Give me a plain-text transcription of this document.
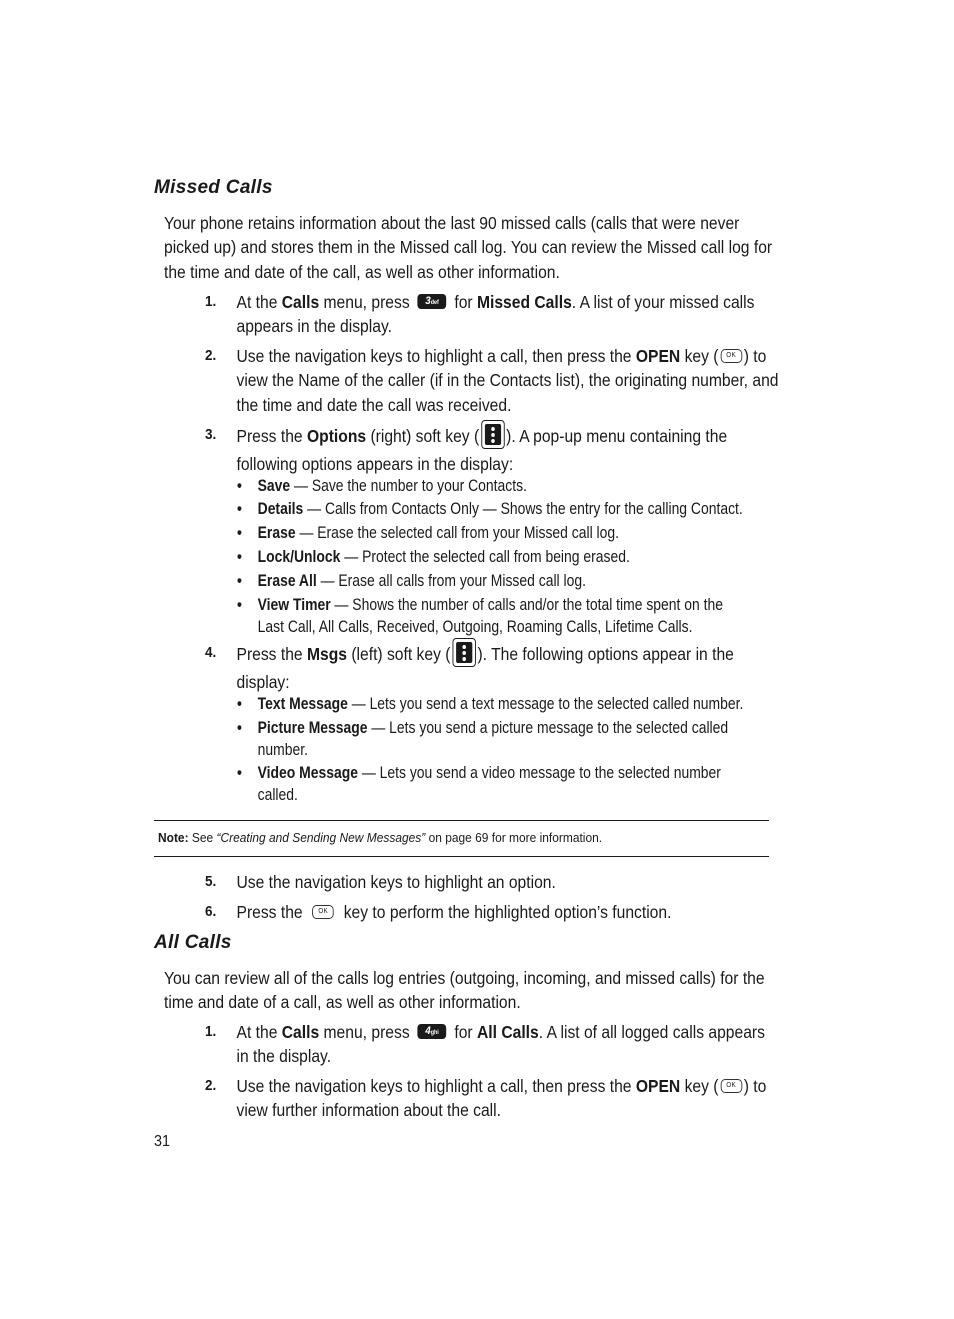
Missed Calls
Your phone retains information about the last 90 missed calls (calls that were never picked up) and stores them in the Missed call log. You can review the Missed call log for the time and date of the call, as well as other information.
1. At the Calls menu, press 3def for Missed Calls. A list of your missed calls appears in the display.
2. Use the navigation keys to highlight a call, then press the OPEN key ( OK ) to view the Name of the caller (if in the Contacts list), the originating number, and the time and date the call was received.
3. Press the Options (right) soft key ( ). A pop-up menu containing the following options appears in the display:
• Save — Save the number to your Contacts.
• Details — Calls from Contacts Only — Shows the entry for the calling Contact.
• Erase — Erase the selected call from your Missed call log.
• Lock/Unlock — Protect the selected call from being erased.
• Erase All — Erase all calls from your Missed call log.
• View Timer — Shows the number of calls and/or the total time spent on the Last Call, All Calls, Received, Outgoing, Roaming Calls, Lifetime Calls.
4. Press the Msgs (left) soft key ( ). The following options appear in the display:
• Text Message — Lets you send a text message to the selected called number.
• Picture Message — Lets you send a picture message to the selected called number.
• Video Message — Lets you send a video message to the selected number called.
Note: See “Creating and Sending New Messages” on page 69 for more information.
5. Use the navigation keys to highlight an option.
6. Press the OK key to perform the highlighted option’s function.
All Calls
You can review all of the calls log entries (outgoing, incoming, and missed calls) for the time and date of a call, as well as other information.
1. At the Calls menu, press 4ghi for All Calls. A list of all logged calls appears in the display.
2. Use the navigation keys to highlight a call, then press the OPEN key ( OK ) to view further information about the call.
31
